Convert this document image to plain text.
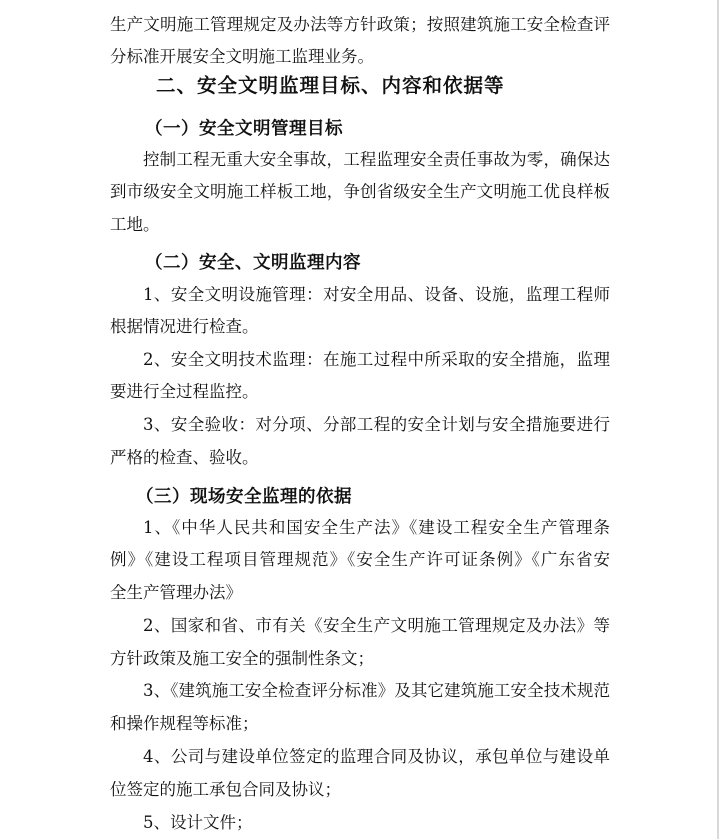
生产文明施工管理规定及办法等方针政策；按照建筑施工安全检查评
分标准开展安全文明施工监理业务。
二、安全文明监理目标、内容和依据等
（一）安全文明管理目标
控制工程无重大安全事故，工程监理安全责任事故为零，确保达
到市级安全文明施工样板工地，争创省级安全生产文明施工优良样板
工地。
（二）安全、文明监理内容
1、安全文明设施管理：对安全用品、设备、设施，监理工程师
根据情况进行检查。
2、安全文明技术监理：在施工过程中所采取的安全措施，监理
要进行全过程监控。
3、安全验收：对分项、分部工程的安全计划与安全措施要进行
严格的检查、验收。
（三）现场安全监理的依据
1、《中华人民共和国安全生产法》《建设工程安全生产管理条
例》《建设工程项目管理规范》《安全生产许可证条例》《广东省安
全生产管理办法》
2、国家和省、市有关《安全生产文明施工管理规定及办法》等
方针政策及施工安全的强制性条文；
3、《建筑施工安全检查评分标准》及其它建筑施工安全技术规范
和操作规程等标准；
4、公司与建设单位签定的监理合同及协议，承包单位与建设单
位签定的施工承包合同及协议；
5、设计文件；
